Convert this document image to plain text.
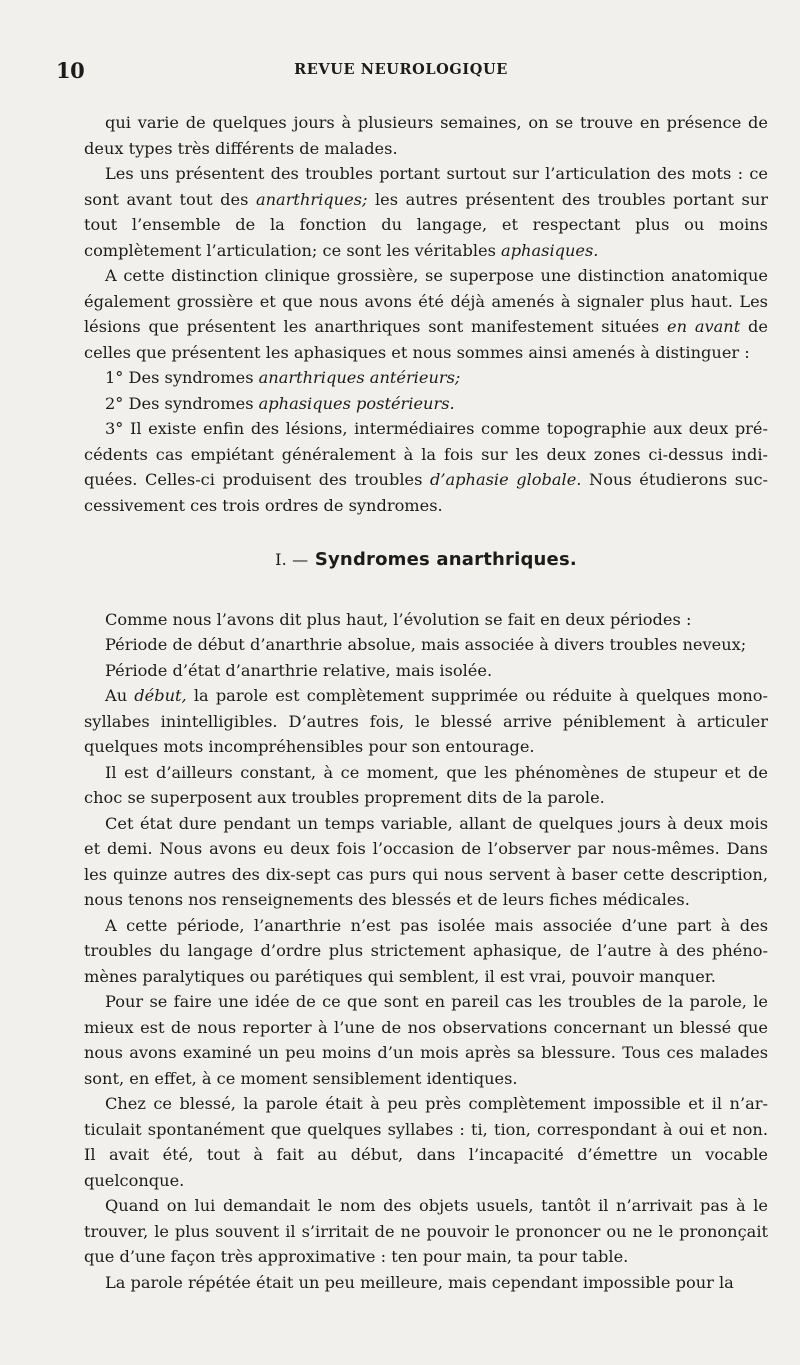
10	REVUE NEUROLOGIQUE

qui varie de quelques jours à plusieurs semaines, on se trouve en présence de deux types très différents de malades.

Les uns présentent des troubles portant surtout sur l’articulation des mots : ce sont avant tout des anarthriques; les autres présentent des troubles portant sur tout l’ensemble de la fonction du langage, et respectant plus ou moins complètement l’articulation; ce sont les véritables aphasiques.

A cette distinction clinique grossière, se superpose une distinction anatomique également grossière et que nous avons été déjà amenés à signaler plus haut. Les lésions que présentent les anarthriques sont manifestement situées en avant de celles que présentent les aphasiques et nous sommes ainsi amenés à distinguer :

1° Des syndromes anarthriques antérieurs;

2° Des syndromes aphasiques postérieurs.

3° Il existe enfin des lésions, intermédiaires comme topographie aux deux précédents cas empiétant généralement à la fois sur les deux zones ci-dessus indiquées. Celles-ci produisent des troubles d’aphasie globale. Nous étudierons successivement ces trois ordres de syndromes.

I. — Syndromes anarthriques.

Comme nous l’avons dit plus haut, l’évolution se fait en deux périodes :

Période de début d’anarthrie absolue, mais associée à divers troubles neveux;

Période d’état d’anarthrie relative, mais isolée.

Au début, la parole est complètement supprimée ou réduite à quelques monosyllabes inintelligibles. D’autres fois, le blessé arrive péniblement à articuler quelques mots incompréhensibles pour son entourage.

Il est d’ailleurs constant, à ce moment, que les phénomènes de stupeur et de choc se superposent aux troubles proprement dits de la parole.

Cet état dure pendant un temps variable, allant de quelques jours à deux mois et demi. Nous avons eu deux fois l’occasion de l’observer par nous-mêmes. Dans les quinze autres des dix-sept cas purs qui nous servent à baser cette description, nous tenons nos renseignements des blessés et de leurs fiches médicales.

A cette période, l’anarthrie n’est pas isolée mais associée d’une part à des troubles du langage d’ordre plus strictement aphasique, de l’autre à des phénomènes paralytiques ou parétiques qui semblent, il est vrai, pouvoir manquer.

Pour se faire une idée de ce que sont en pareil cas les troubles de la parole, le mieux est de nous reporter à l’une de nos observations concernant un blessé que nous avons examiné un peu moins d’un mois après sa blessure. Tous ces malades sont, en effet, à ce moment sensiblement identiques.

Chez ce blessé, la parole était à peu près complètement impossible et il n’articulait spontanément que quelques syllabes : ti, tion, correspondant à oui et non. Il avait été, tout à fait au début, dans l’incapacité d’émettre un vocable quelconque.

Quand on lui demandait le nom des objets usuels, tantôt il n’arrivait pas à le trouver, le plus souvent il s’irritait de ne pouvoir le prononcer ou ne le prononçait que d’une façon très approximative : ten pour main, ta pour table.

La parole répétée était un peu meilleure, mais cependant impossible pour la
